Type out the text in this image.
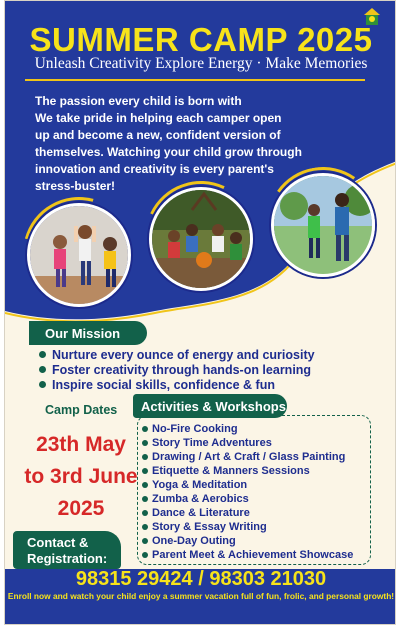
SUMMER CAMP 2025
Unleash Creativity Explore Energy · Make Memories
The passion every child is born with
We take pride in helping each camper open
up and become a new, confident version of
themselves. Watching your child grow through
innovation and creativity is every parent's
stress-buster!
Our Mission
Nurture every ounce of energy and curiosity
Foster creativity through hands-on learning
Inspire social skills, confidence & fun
Camp Dates
23th May
to 3rd June
2025
Activities & Workshops
No-Fire Cooking
Story Time Adventures
Drawing / Art & Craft / Glass Painting
Etiquette & Manners Sessions
Yoga & Meditation
Zumba & Aerobics
Dance & Literature
Story & Essay Writing
One-Day Outing
Parent Meet & Achievement Showcase
Contact &
Registration:
98315 29424 / 98303 21030
Enroll now and watch your child enjoy a summer vacation full of fun, frolic, and personal growth!
